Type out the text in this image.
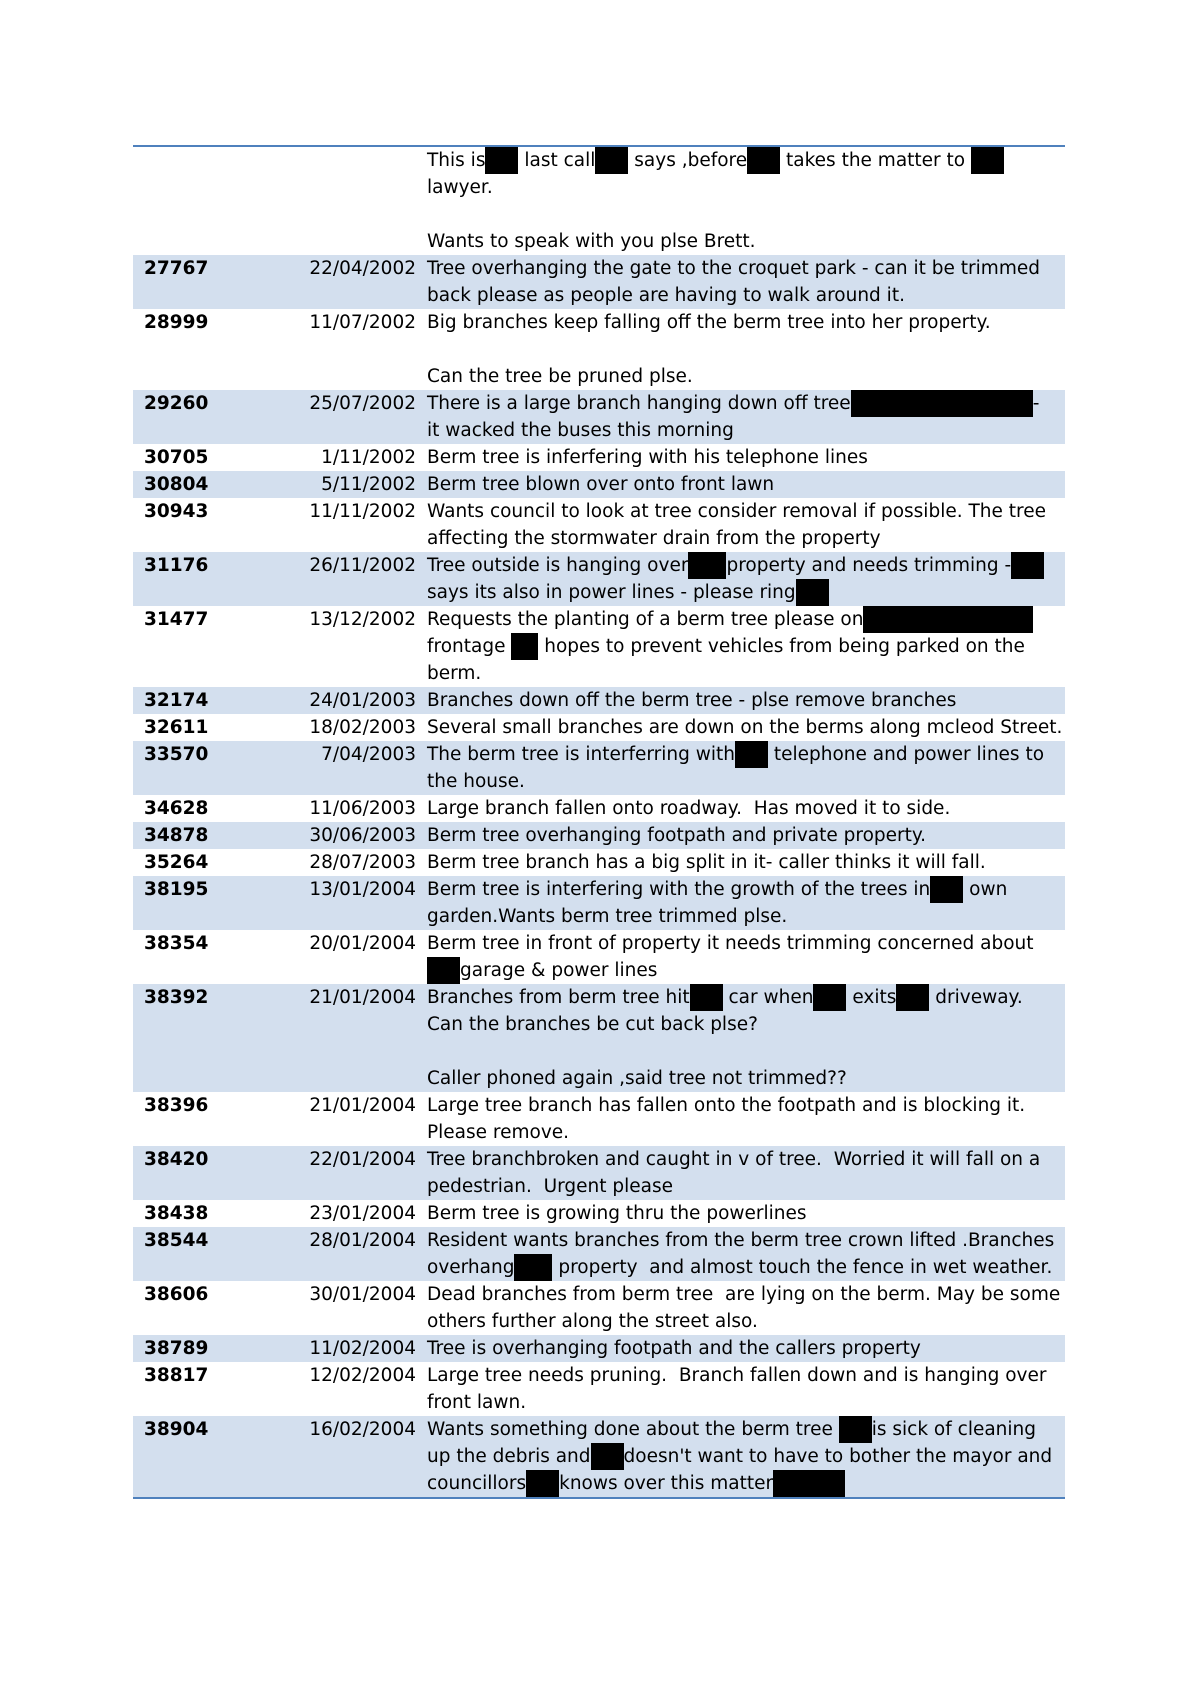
				This is last call says ,before takes the matter to
lawyer.

Wants to speak with you plse Brett.

	27767	22/04/2002		Tree overhanging the gate to the croquet park - can it be trimmed back please as people are having to walk around it.
	28999	11/07/2002		Big branches keep falling off the berm tree into her property.

Can the tree be pruned plse.
	29260	25/07/2002		There is a large branch hanging down off tree -
it wacked the buses this morning
	30705	1/11/2002		Berm tree is inferfering with his telephone lines
	30804	5/11/2002		Berm tree blown over onto front lawn
	30943	11/11/2002		Wants council to look at tree consider removal if possible. The tree affecting the stormwater drain from the property
	31176	26/11/2002		Tree outside is hanging over property and needs trimming -
says its also in power lines - please ring
	31477	13/12/2002		Requests the planting of a berm tree please on
frontage  hopes to prevent vehicles from being parked on the berm.
	32174	24/01/2003		Branches down off the berm tree - plse remove branches
	32611	18/02/2003		Several small branches are down on the berms along mcleod Street.
	33570	7/04/2003		The berm tree is interferring with telephone and power lines to the house.
	34628	11/06/2003		Large branch fallen onto roadway.  Has moved it to side.
	34878	30/06/2003		Berm tree overhanging footpath and private property.
	35264	28/07/2003		Berm tree branch has a big split in it- caller thinks it will fall.
	38195	13/01/2004		Berm tree is interfering with the growth of the trees in own
garden.Wants berm tree trimmed plse.
	38354	20/01/2004		Berm tree in front of property it needs trimming concerned about
garage & power lines
	38392	21/01/2004		Branches from berm tree hit car when exits driveway.
Can the branches be cut back plse?

Caller phoned again ,said tree not trimmed??
	38396	21/01/2004		Large tree branch has fallen onto the footpath and is blocking it. Please remove.
	38420	22/01/2004		Tree branchbroken and caught in v of tree.  Worried it will fall on a pedestrian.  Urgent please
	38438	23/01/2004		Berm tree is growing thru the powerlines
	38544	28/01/2004		Resident wants branches from the berm tree crown lifted .Branches
overhang property  and almost touch the fence in wet weather.
	38606	30/01/2004		Dead branches from berm tree  are lying on the berm. May be some others further along the street also.
	38789	11/02/2004		Tree is overhanging footpath and the callers property
	38817	12/02/2004		Large tree needs pruning.  Branch fallen down and is hanging over front lawn.
	38904	16/02/2004		Wants something done about the berm tree is sick of cleaning
up the debris and doesn't want to have to bother the mayor and
councillors knows over this matter
